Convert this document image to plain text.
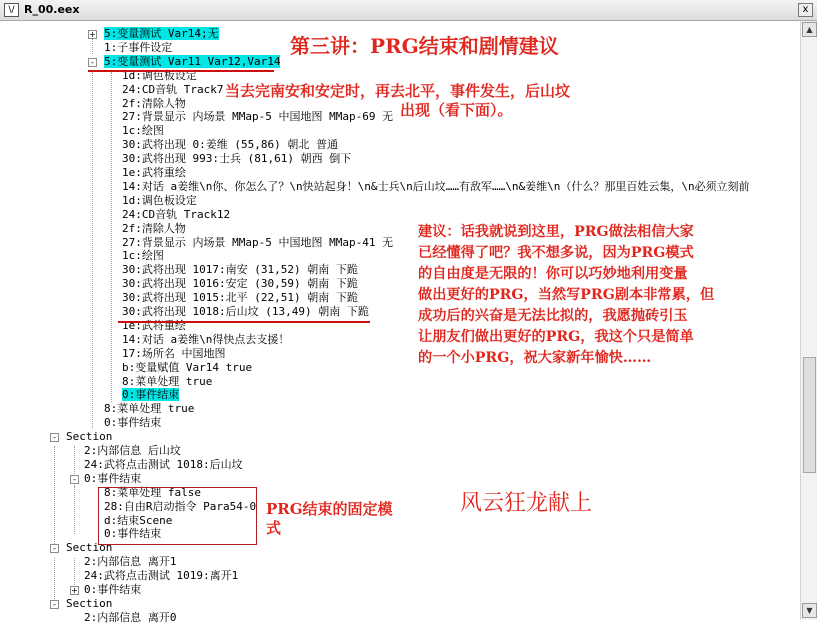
\/ R_00.eex	x
▲
▼
5:变量测试 Var14;无
+
1:子事件设定
5:变量测试 Var11 Var12,Var14
-
1d:调色板设定
24:CD音轨 Track7
2f:清除人物
27:背景显示 内场景 MMap-5 中国地图 MMap-69 无
1c:绘图
30:武将出现 0:姜维 (55,86) 朝北 普通
30:武将出现 993:士兵 (81,61) 朝西 倒下
1e:武将重绘
14:对话 a姜维\n你、你怎么了？\n快站起身！\n&士兵\n后山坟……有敌军……\n&姜维\n（什么？那里百姓云集，\n必须立刻前
1d:调色板设定
24:CD音轨 Track12
2f:清除人物
27:背景显示 内场景 MMap-5 中国地图 MMap-41 无
1c:绘图
30:武将出现 1017:南安 (31,52) 朝南 下跪
30:武将出现 1016:安定 (30,59) 朝南 下跪
30:武将出现 1015:北平 (22,51) 朝南 下跪
30:武将出现 1018:后山坟 (13,49) 朝南 下跪
1e:武将重绘
14:对话 a姜维\n得快点去支援！
17:场所名 中国地图
b:变量赋值 Var14 true
8:菜单处理 true
0:事件结束
8:菜单处理 true
0:事件结束
Section
-
2:内部信息 后山坟
24:武将点击测试 1018:后山坟
0:事件结束
-
8:菜单处理 false
28:自由R启动指令 Para54-0
d:结束Scene
0:事件结束
Section
-
2:内部信息 离开1
24:武将点击测试 1019:离开1
0:事件结束
+
Section
-
2:内部信息 离开0
第三讲：PRG结束和剧情建议
当去完南安和安定时，再去北平，事件发生，后山坟
出现（看下面）。
建议：话我就说到这里，PRG做法相信大家
已经懂得了吧？我不想多说，因为PRG模式
的自由度是无限的！你可以巧妙地利用变量
做出更好的PRG，当然写PRG剧本非常累，但
成功后的兴奋是无法比拟的，我愿抛砖引玉
让朋友们做出更好的PRG，我这个只是简单
的一个小PRG，祝大家新年愉快……
PRG结束的固定模
式
风云狂龙献上
